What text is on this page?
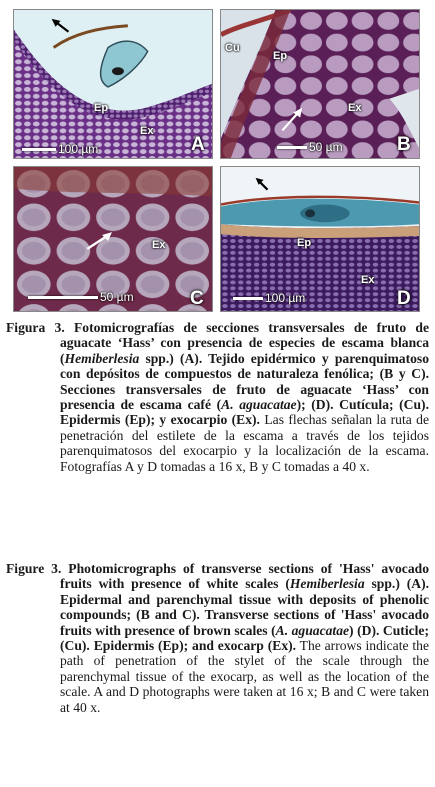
Ep
Ex
100 µm	A
Cu
Ep
Ex
50 µm	B
Ex
50 µm	C
Ep
Ex
100 µm	D

Figura 3. Fotomicrografías de secciones transversales de fruto de aguacate ‘Hass’ con presencia de especies de escama blanca (Hemiberlesia spp.) (A). Tejido epidérmico y parenquimatoso con depósitos de compuestos de naturaleza fenólica; (B y C). Secciones transversales de fruto de aguacate ‘Hass’ con presencia de escama café (A. aguacatae); (D). Cutícula; (Cu). Epidermis (Ep); y exocarpio (Ex). Las flechas señalan la ruta de penetración del estilete de la escama a través de los tejidos parenquimatosos del exocarpio y la localización de la escama. Fotografías A y D tomadas a 16 x, B y C tomadas a 40 x.

Figure 3. Photomicrographs of transverse sections of 'Hass' avocado fruits with presence of white scales (Hemiberlesia spp.) (A). Epidermal and parenchymal tissue with deposits of phenolic compounds; (B and C). Transverse sections of 'Hass' avocado fruits with presence of brown scales (A. aguacatae) (D). Cuticle; (Cu). Epidermis (Ep); and exocarp (Ex). The arrows indicate the path of penetration of the stylet of the scale through the parenchymal tissue of the exocarp, as well as the location of the scale. A and D photographs were taken at 16 x; B and C were taken at 40 x.
